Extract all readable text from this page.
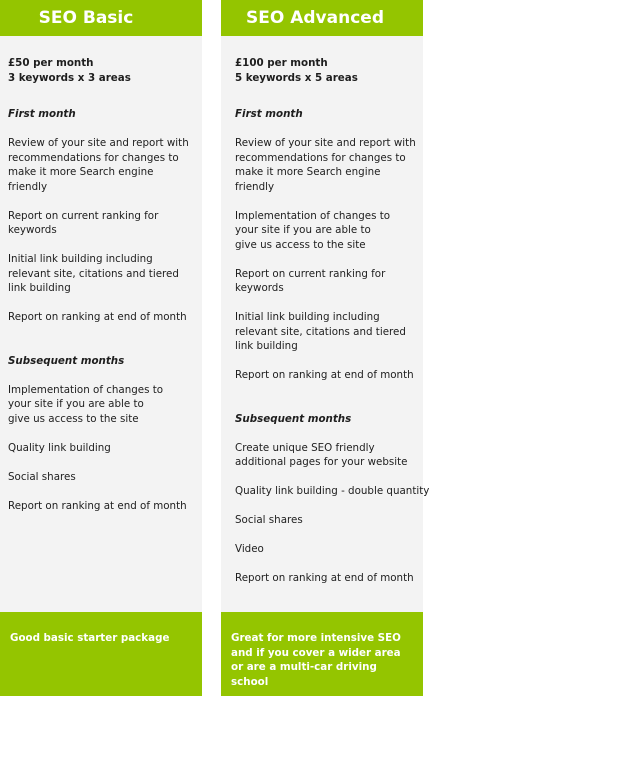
SEO Basic
£50 per month
3 keywords x 3 areas
First month
Review of your site and report with recommendations for changes to make it more Search engine friendly
Report on current ranking for keywords
Initial link building including relevant site, citations and tiered link building
Report on ranking at end of month
Subsequent months
Implementation of changes to your site if you are able to give us access to the site
Quality link building
Social shares
Report on ranking at end of month
Good basic starter package
SEO Advanced
£100 per month
5 keywords x 5 areas
First month
Review of your site and report with recommendations for changes to make it more Search engine friendly
Implementation of changes to your site if you are able to give us access to the site
Report on current ranking for keywords
Initial link building including relevant site, citations and tiered link building
Report on ranking at end of month
Subsequent months
Create unique SEO friendly additional pages for your website
Quality link building - double quantity
Social shares
Video
Report on ranking at end of month
Great for more intensive SEO and if you cover a wider area or are a multi-car driving school
